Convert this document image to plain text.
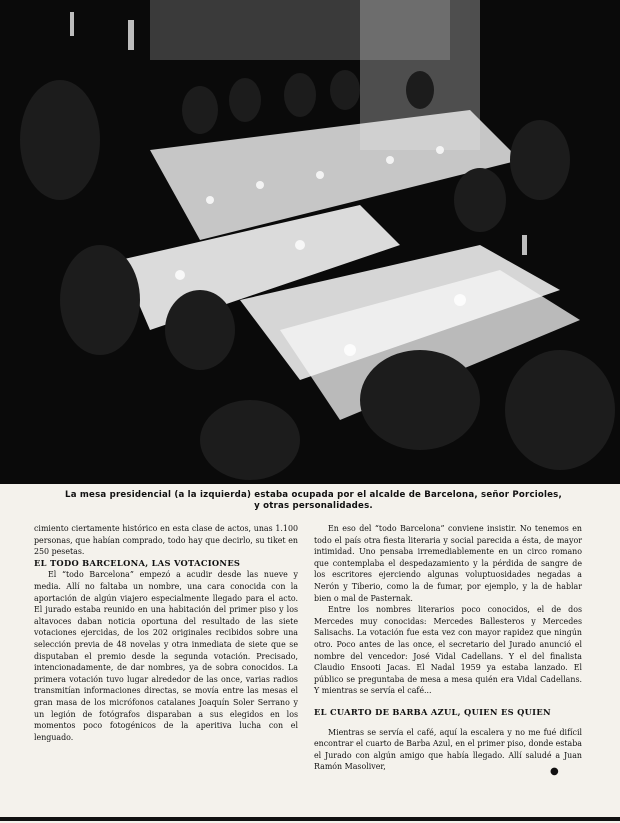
La mesa presidencial (a la izquierda) estaba ocupada por el alcalde de Barcelona, señor Porcioles,
y otras personalidades.

cimiento ciertamente histórico en esta clase de actos, unas 1.100 personas, que habían comprado, todo hay que decirlo, su tiket en 250 pesetas.

EL TODO BARCELONA, LAS VOTACIONES

El “todo Barcelona” empezó a acudir desde las nueve y media. Allí no faltaba un nombre, una cara conocida con la aportación de algún viajero especialmente llegado para el acto. El jurado estaba reunido en una habitación del primer piso y los altavoces daban noticia oportuna del resultado de las siete votaciones ejercidas, de los 202 originales recibidos sobre una selección previa de 48 novelas y otra inmediata de siete que se disputaban el premio desde la segunda votación. Precisado, intencionadamente, de dar nombres, ya de sobra conocidos. La primera votación tuvo lugar alrededor de las once, varias radios transmitían informaciones directas, se movía entre las mesas el gran masa de los micrófonos catalanes Joaquín Soler Serrano y un legión de fotógrafos disparaban a sus elegidos en los momentos poco fotogénicos de la aperitiva lucha con el lenguado.

En eso del “todo Barcelona” conviene insistir. No tenemos en todo el país otra fiesta literaria y social parecida a ésta, de mayor intimidad. Uno pensaba irremediablemente en un circo romano que contemplaba el despedazamiento y la pérdida de sangre de los escritores ejerciendo algunas voluptuosidades negadas a Nerón y Tiberio, como la de fumar, por ejemplo, y la de hablar bien o mal de Pasternak.

Entre los nombres literarios poco conocidos, el de dos Mercedes muy conocidas: Mercedes Ballesteros y Mercedes Salisachs. La votación fue esta vez con mayor rapidez que ningún otro. Poco antes de las once, el secretario del Jurado anunció el nombre del vencedor: José Vidal Cadellans. Y el del finalista Claudio Ensooti Jacas. El Nadal 1959 ya estaba lanzado. El público se preguntaba de mesa a mesa quién era Vidal Cadellans. Y mientras se servía el café...

EL CUARTO DE BARBA AZUL, QUIEN ES QUIEN

Mientras se servía el café, aquí la escalera y no me fué difícil encontrar el cuarto de Barba Azul, en el primer piso, donde estaba el Jurado con algún amigo que había llegado. Allí saludé a Juan Ramón Masoliver,	●
